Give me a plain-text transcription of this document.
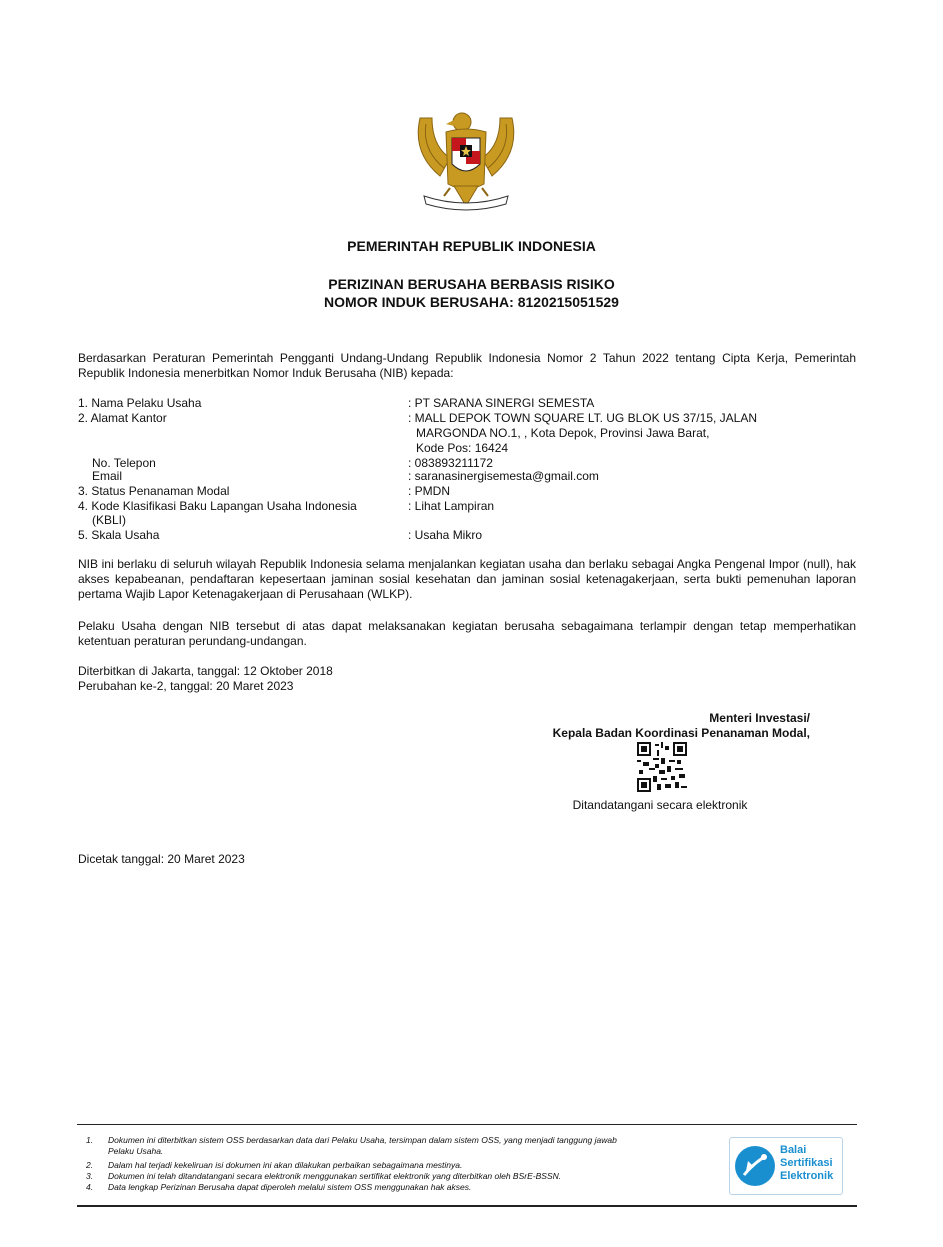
PEMERINTAH REPUBLIK INDONESIA
PERIZINAN BERUSAHA BERBASIS RISIKO
NOMOR INDUK BERUSAHA: 8120215051529
Berdasarkan Peraturan Pemerintah Pengganti Undang-Undang Republik Indonesia Nomor 2 Tahun 2022 tentang Cipta Kerja, Pemerintah Republik Indonesia menerbitkan Nomor Induk Berusaha (NIB) kepada:
1. Nama Pelaku Usaha	: PT SARANA SINERGI SEMESTA
2. Alamat Kantor	: MALL DEPOK TOWN SQUARE LT. UG BLOK US 37/15, JALAN
MARGONDA NO.1, , Kota Depok, Provinsi Jawa Barat,
Kode Pos: 16424
No. Telepon	: 083893211172
Email	: saranasinergisemesta@gmail.com
3. Status Penanaman Modal	: PMDN
4. Kode Klasifikasi Baku Lapangan Usaha Indonesia	: Lihat Lampiran
(KBLI)
5. Skala Usaha	: Usaha Mikro
NIB ini berlaku di seluruh wilayah Republik Indonesia selama menjalankan kegiatan usaha dan berlaku sebagai Angka Pengenal Impor (null), hak akses kepabeanan, pendaftaran kepesertaan jaminan sosial kesehatan dan jaminan sosial ketenagakerjaan, serta bukti pemenuhan laporan pertama Wajib Lapor Ketenagakerjaan di Perusahaan (WLKP).
Pelaku Usaha dengan NIB tersebut di atas dapat melaksanakan kegiatan berusaha sebagaimana terlampir dengan tetap memperhatikan ketentuan peraturan perundang-undangan.
Diterbitkan di Jakarta, tanggal: 12 Oktober 2018
Perubahan ke-2, tanggal: 20 Maret 2023
Menteri Investasi/
Kepala Badan Koordinasi Penanaman Modal,
Ditandatangani secara elektronik
Dicetak tanggal: 20 Maret 2023
1.	Dokumen ini diterbitkan sistem OSS berdasarkan data dari Pelaku Usaha, tersimpan dalam sistem OSS, yang menjadi tanggung jawab
Pelaku Usaha.
2.	Dalam hal terjadi kekeliruan isi dokumen ini akan dilakukan perbaikan sebagaimana mestinya.
3.	Dokumen ini telah ditandatangani secara elektronik menggunakan sertifikat elektronik yang diterbitkan oleh BSrE-BSSN.
4.	Data lengkap Perizinan Berusaha dapat diperoleh melalui sistem OSS menggunakan hak akses.
Balai
Sertifikasi
Elektronik
